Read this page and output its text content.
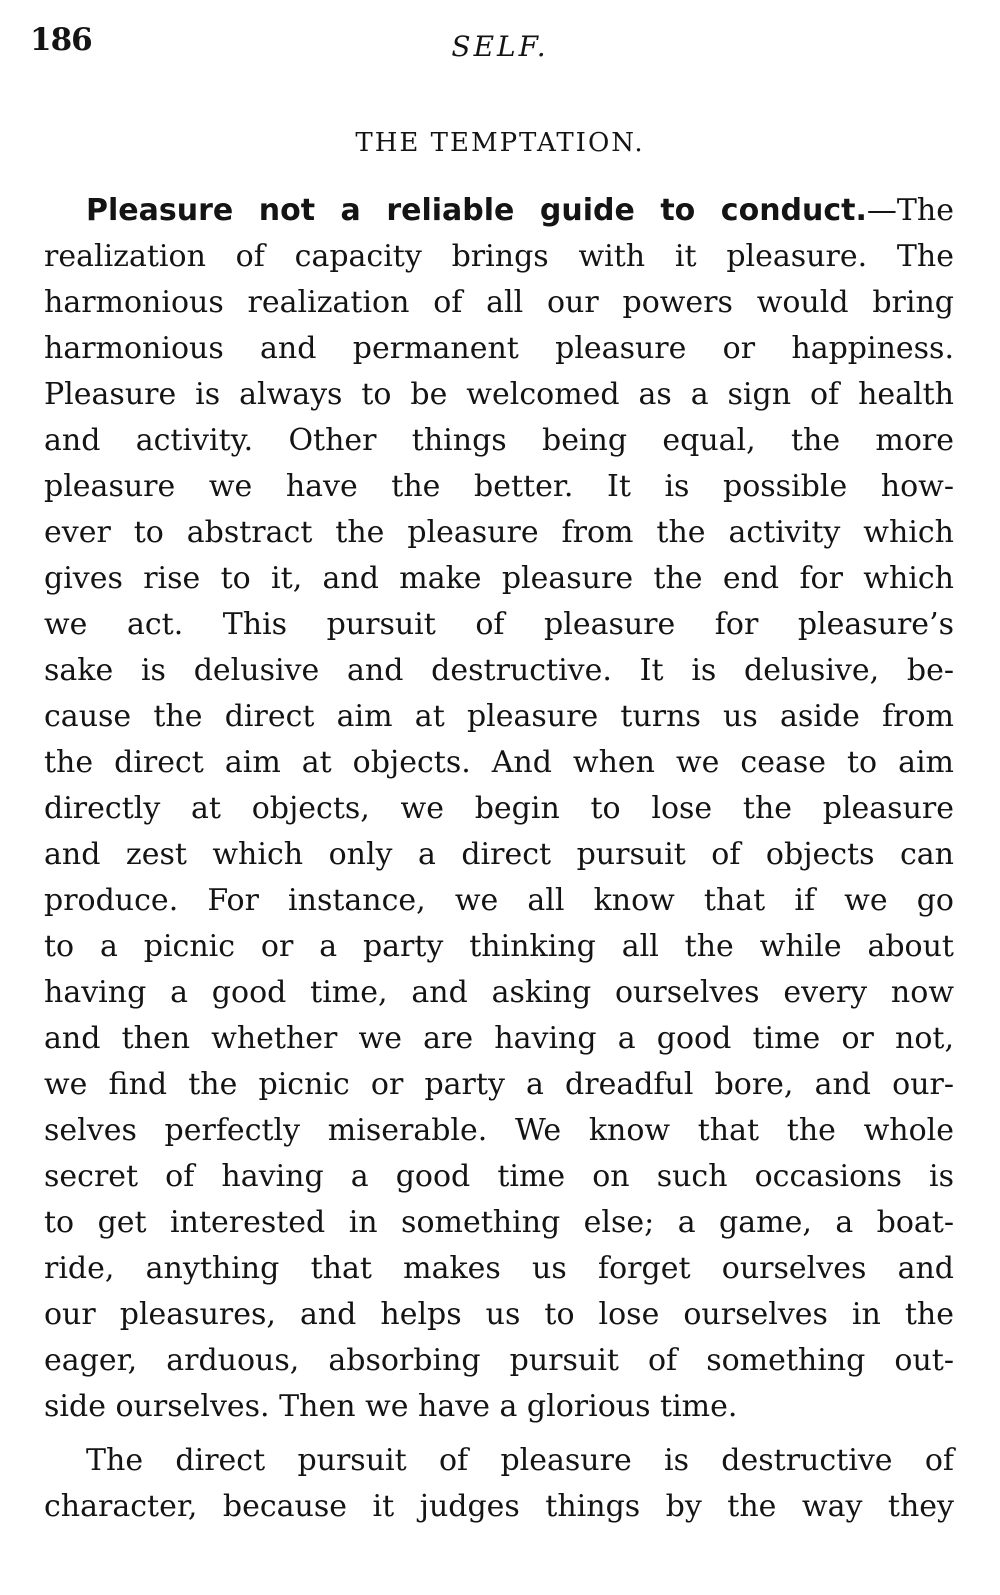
186	SELF.
THE TEMPTATION.
Pleasure not a reliable guide to conduct.—The
realization of capacity brings with it pleasure. The
harmonious realization of all our powers would bring
harmonious and permanent pleasure or happiness.
Pleasure is always to be welcomed as a sign of health
and activity. Other things being equal, the more
pleasure we have the better. It is possible how-
ever to abstract the pleasure from the activity which
gives rise to it, and make pleasure the end for which
we act. This pursuit of pleasure for pleasure’s
sake is delusive and destructive. It is delusive, be-
cause the direct aim at pleasure turns us aside from
the direct aim at objects. And when we cease to aim
directly at objects, we begin to lose the pleasure
and zest which only a direct pursuit of objects can
produce. For instance, we all know that if we go
to a picnic or a party thinking all the while about
having a good time, and asking ourselves every now
and then whether we are having a good time or not,
we find the picnic or party a dreadful bore, and our-
selves perfectly miserable. We know that the whole
secret of having a good time on such occasions is
to get interested in something else; a game, a boat-
ride, anything that makes us forget ourselves and
our pleasures, and helps us to lose ourselves in the
eager, arduous, absorbing pursuit of something out-
side ourselves. Then we have a glorious time.
The direct pursuit of pleasure is destructive of
character, because it judges things by the way they
